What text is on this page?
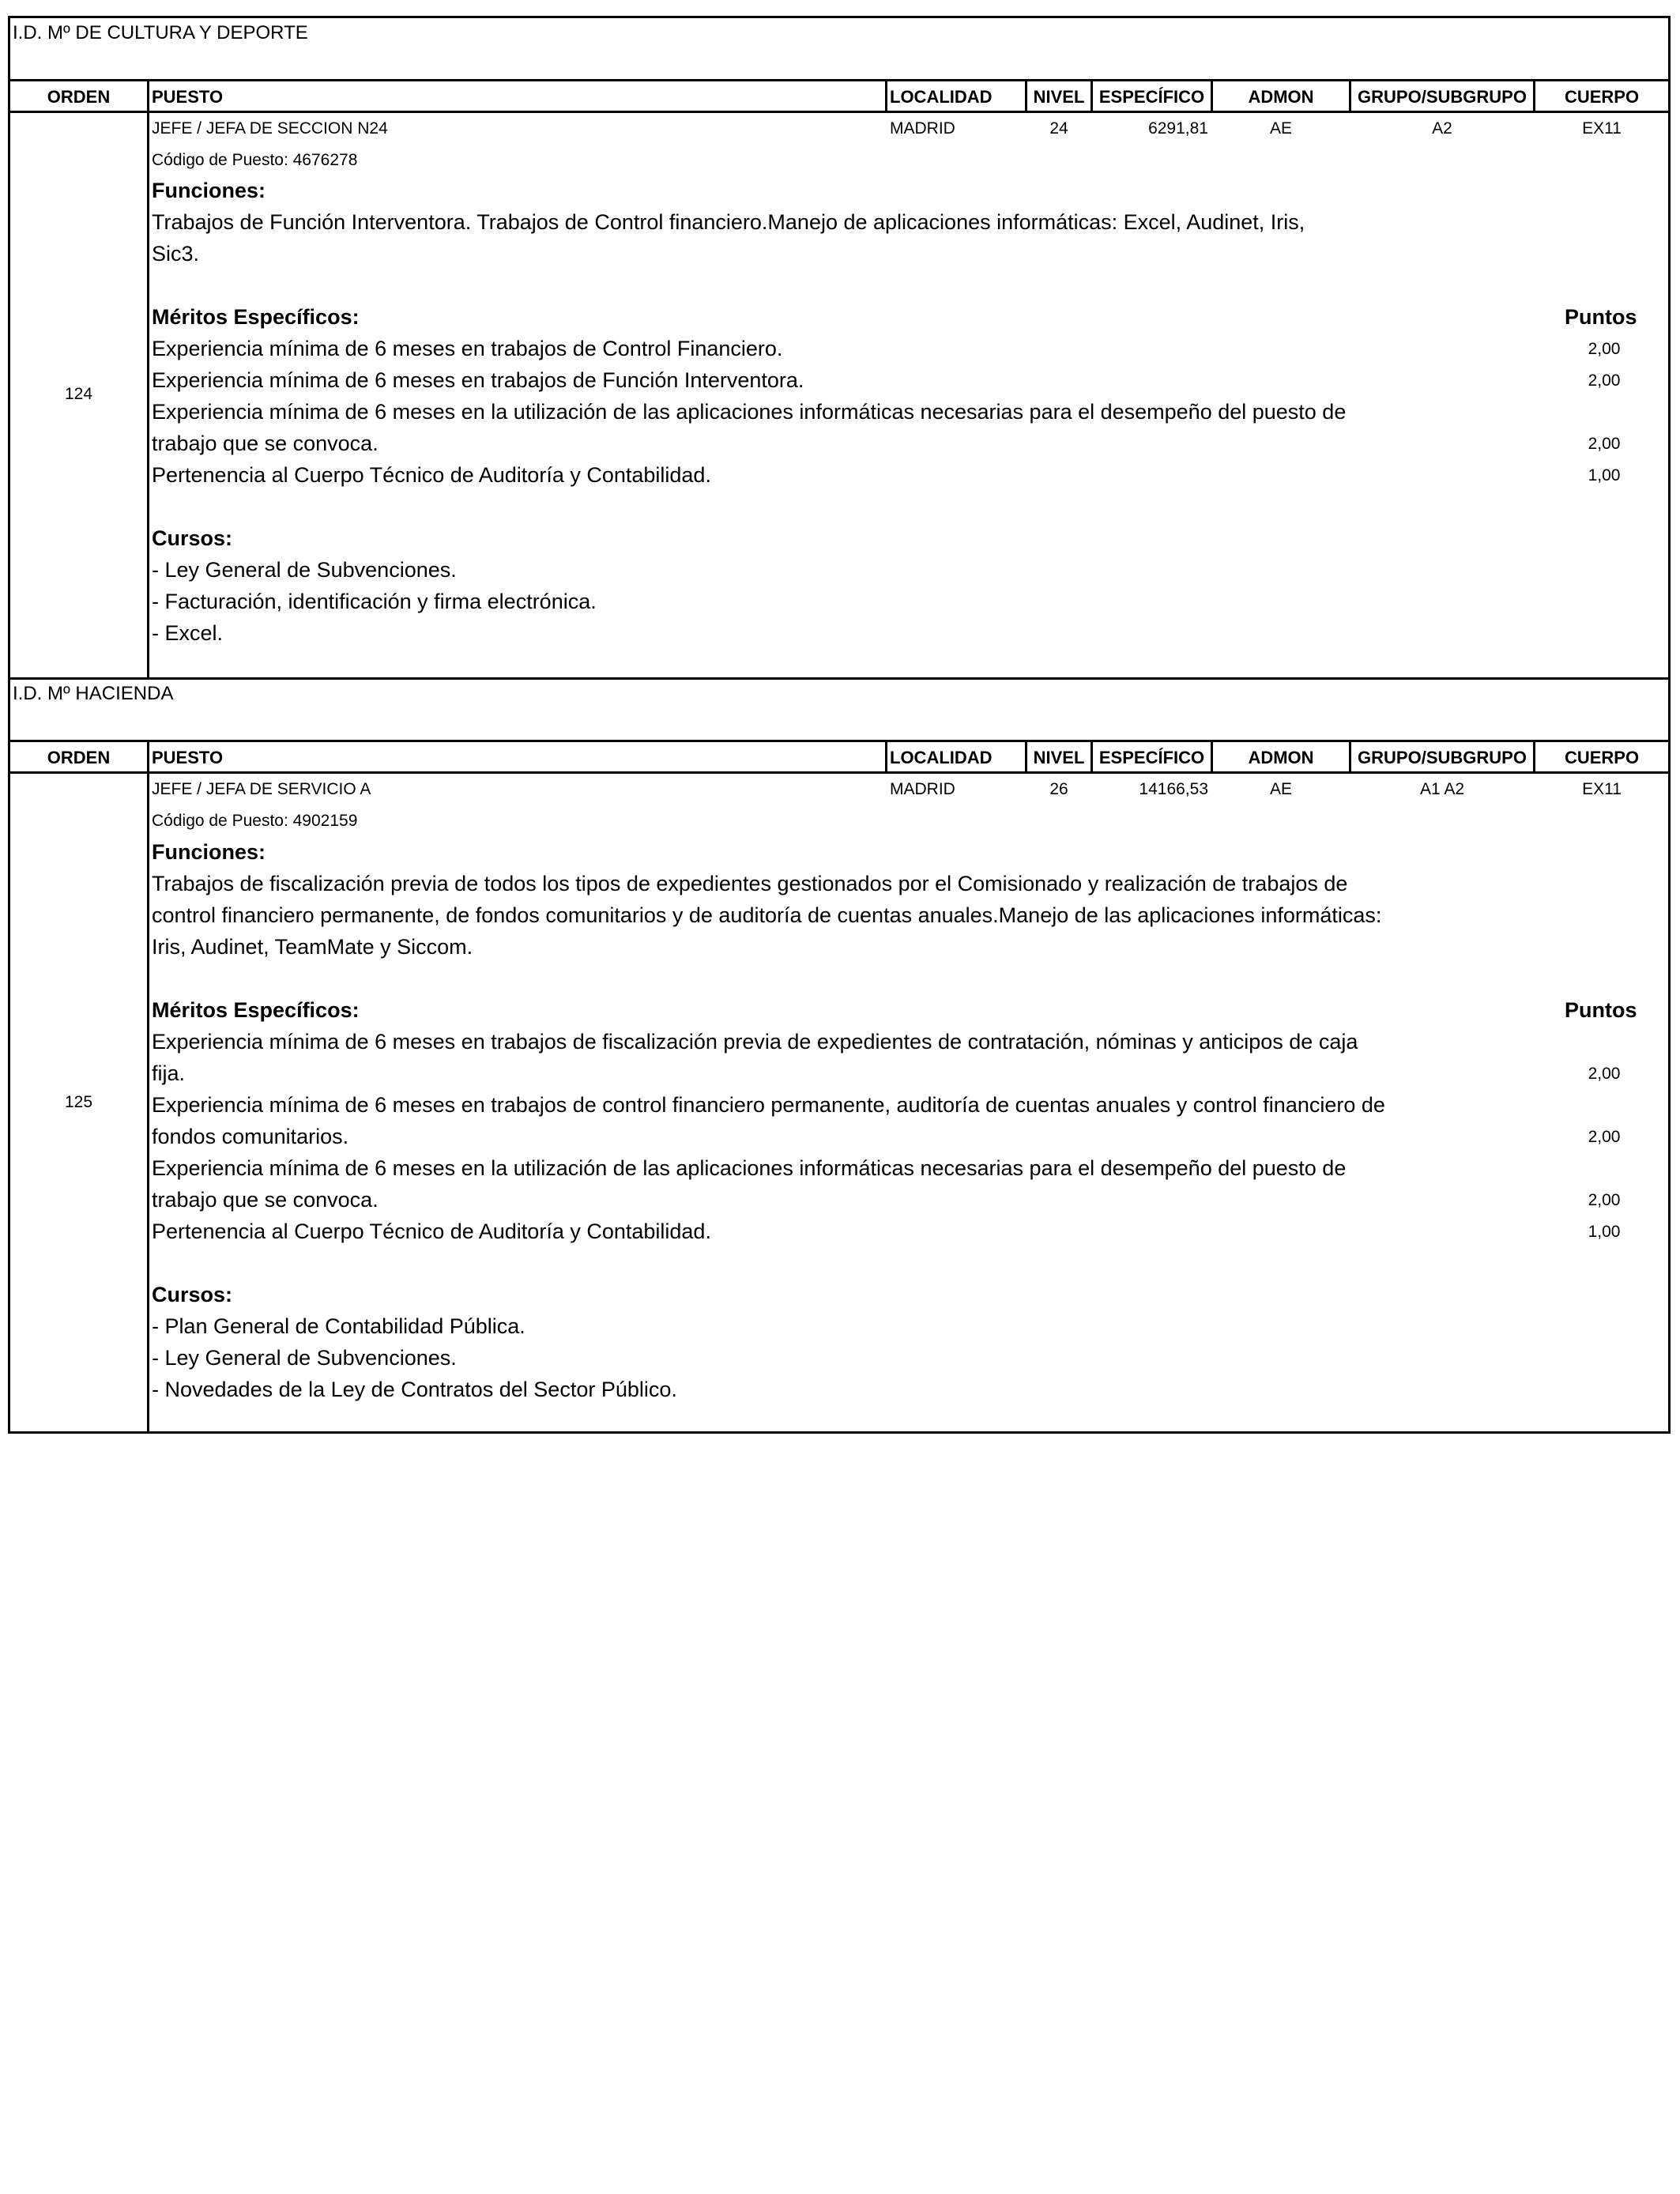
I.D. Mº DE CULTURA Y DEPORTE
ORDEN	PUESTO	LOCALIDAD	NIVEL ESPECÍFICO	ADMON	GRUPO/SUBGRUPO	CUERPO
124
JEFE / JEFA DE SECCION N24	MADRID	24	6291,81	AE	A2	EX11
Código de Puesto: 4676278
Funciones:
Trabajos de Función Interventora. Trabajos de Control financiero.Manejo de aplicaciones informáticas: Excel, Audinet, Iris,
Sic3.
Méritos Específicos:	Puntos
Experiencia mínima de 6 meses en trabajos de Control Financiero.	2,00
Experiencia mínima de 6 meses en trabajos de Función Interventora.	2,00
Experiencia mínima de 6 meses en la utilización de las aplicaciones informáticas necesarias para el desempeño del puesto de
trabajo que se convoca.	2,00
Pertenencia al Cuerpo Técnico de Auditoría y Contabilidad.	1,00
Cursos:
- Ley General de Subvenciones.
- Facturación, identificación y firma electrónica.
- Excel.
I.D. Mº HACIENDA
ORDEN	PUESTO	LOCALIDAD	NIVEL ESPECÍFICO	ADMON	GRUPO/SUBGRUPO	CUERPO
125
JEFE / JEFA DE SERVICIO A	MADRID	26	14166,53	AE	A1 A2	EX11
Código de Puesto: 4902159
Funciones:
Trabajos de fiscalización previa de todos los tipos de expedientes gestionados por el Comisionado y realización de trabajos de
control financiero permanente, de fondos comunitarios y de auditoría de cuentas anuales.Manejo de las aplicaciones informáticas:
Iris, Audinet, TeamMate y Siccom.
Méritos Específicos:	Puntos
Experiencia mínima de 6 meses en trabajos de fiscalización previa de expedientes de contratación, nóminas y anticipos de caja
fija.	2,00
Experiencia mínima de 6 meses en trabajos de control financiero permanente, auditoría de cuentas anuales y control financiero de
fondos comunitarios.	2,00
Experiencia mínima de 6 meses en la utilización de las aplicaciones informáticas necesarias para el desempeño del puesto de
trabajo que se convoca.	2,00
Pertenencia al Cuerpo Técnico de Auditoría y Contabilidad.	1,00
Cursos:
- Plan General de Contabilidad Pública.
- Ley General de Subvenciones.
- Novedades de la Ley de Contratos del Sector Público.
